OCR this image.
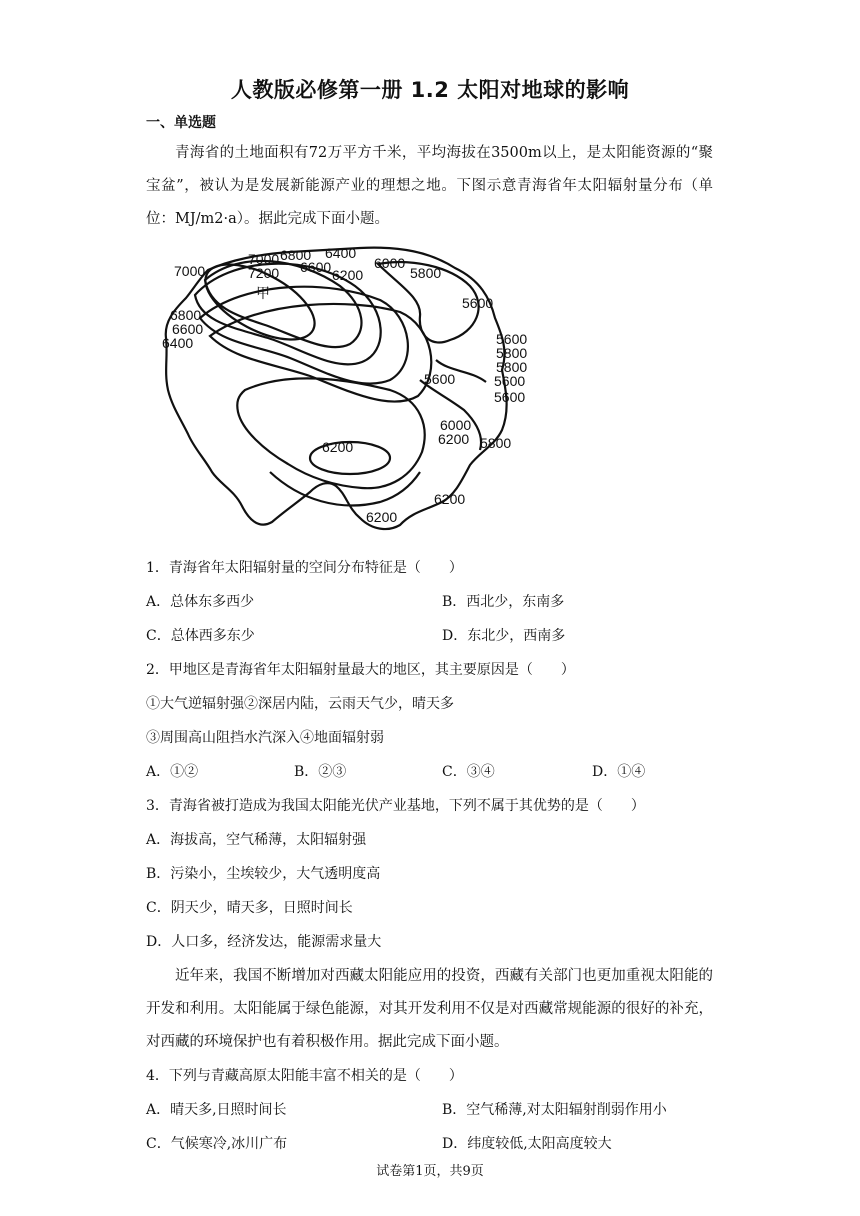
人教版必修第一册 1.2 太阳对地球的影响
一、单选题
青海省的土地面积有72万平方千米，平均海拔在3500m以上，是太阳能资源的“聚宝盆”，被认为是发展新能源产业的理想之地。下图示意青海省年太阳辐射量分布（单位：MJ/m2·a）。据此完成下面小题。
7000
6800 6400
7200 6600 6200
6000
5800
甲
7000
5600
6800
6600
6400	5600
5800
5600
5800
5600
5600
6000
6200 5800
6200
6200
6200
1．青海省年太阳辐射量的空间分布特征是（　　）
A．总体东多西少	B．西北少，东南多
C．总体西多东少	D．东北少，西南多
2．甲地区是青海省年太阳辐射量最大的地区，其主要原因是（　　）
①大气逆辐射强②深居内陆，云雨天气少，晴天多
③周围高山阻挡水汽深入④地面辐射弱
A．①②	B．②③	C．③④	D．①④
3．青海省被打造成为我国太阳能光伏产业基地，下列不属于其优势的是（　　）
A．海拔高，空气稀薄，太阳辐射强
B．污染小，尘埃较少，大气透明度高
C．阴天少，晴天多，日照时间长
D．人口多，经济发达，能源需求量大
近年来，我国不断增加对西藏太阳能应用的投资，西藏有关部门也更加重视太阳能的开发和利用。太阳能属于绿色能源，对其开发利用不仅是对西藏常规能源的很好的补充，对西藏的环境保护也有着积极作用。据此完成下面小题。
4．下列与青藏高原太阳能丰富不相关的是（　　）
A．晴天多,日照时间长	B．空气稀薄,对太阳辐射削弱作用小
C．气候寒冷,冰川广布	D．纬度较低,太阳高度较大
试卷第1页，共9页
